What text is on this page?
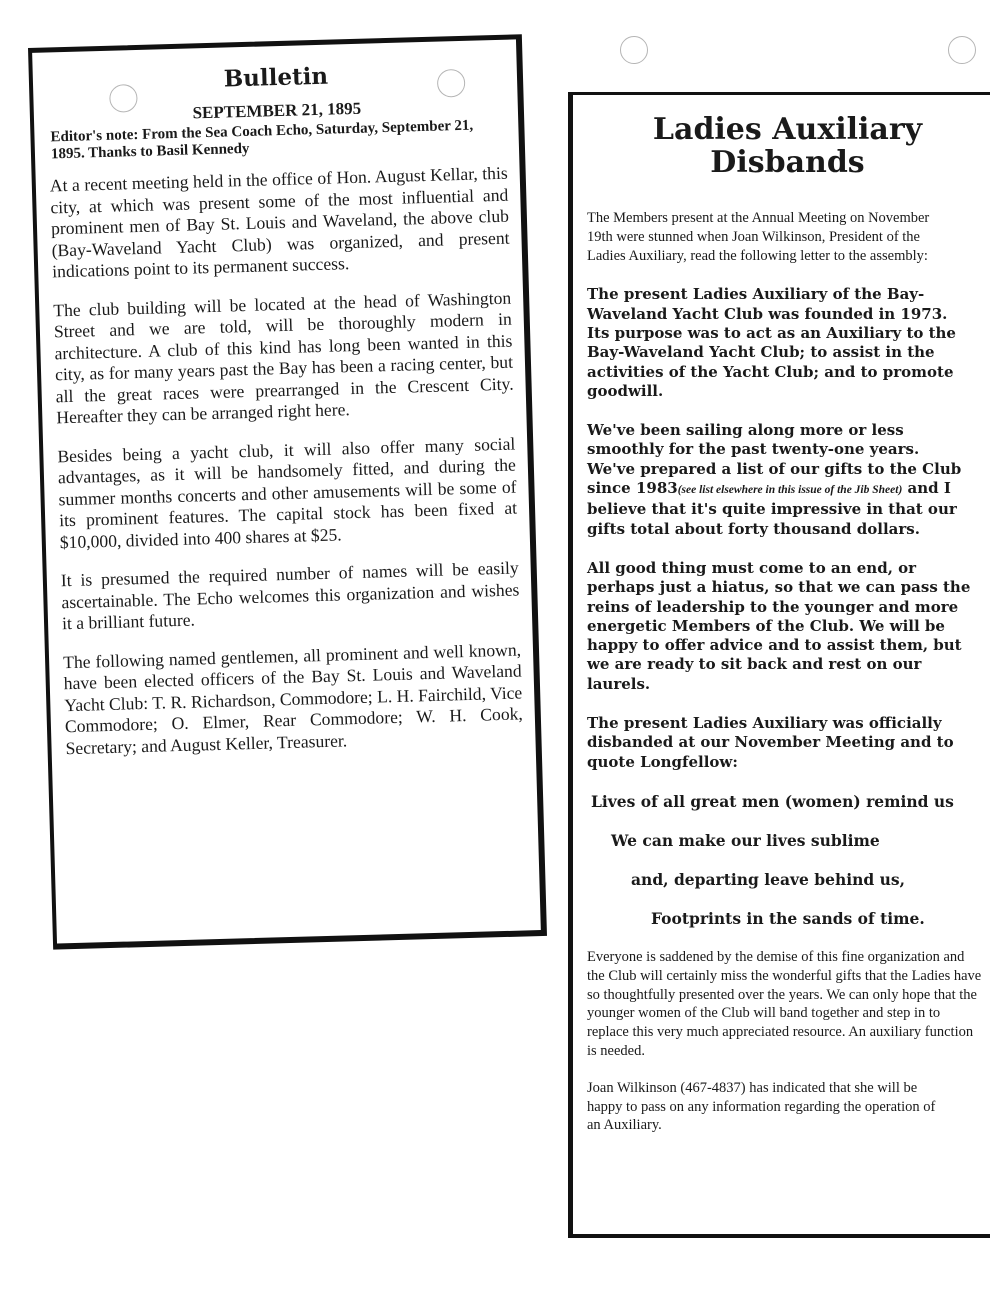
Bulletin
SEPTEMBER 21, 1895
Editor's note: From the Sea Coach Echo, Saturday, September 21, 1895. Thanks to Basil Kennedy

At a recent meeting held in the office of Hon. August Kellar, this city, at which was present some of the most influential and prominent men of Bay St. Louis and Waveland, the above club (Bay-Waveland Yacht Club) was organized, and present indications point to its permanent success.

The club building will be located at the head of Washington Street and we are told, will be thoroughly modern in architecture. A club of this kind has long been wanted in this city, as for many years past the Bay has been a racing center, but all the great races were prearranged in the Crescent City. Hereafter they can be arranged right here.

Besides being a yacht club, it will also offer many social advantages, as it will be handsomely fitted, and during the summer months concerts and other amusements will be some of its prominent features. The capital stock has been fixed at $10,000, divided into 400 shares at $25.

It is presumed the required number of names will be easily ascertainable. The Echo welcomes this organization and wishes it a brilliant future.

The following named gentlemen, all prominent and well known, have been elected officers of the Bay St. Louis and Waveland Yacht Club: T. R. Richardson, Commodore; L. H. Fairchild, Vice Commodore; O. Elmer, Rear Commodore; W. H. Cook, Secretary; and August Keller, Treasurer.

Ladies Auxiliary
Disbands

The Members present at the Annual Meeting on November 19th were stunned when Joan Wilkinson, President of the Ladies Auxiliary, read the following letter to the assembly:

The present Ladies Auxiliary of the Bay-Waveland Yacht Club was founded in 1973. Its purpose was to act as an Auxiliary to the Bay-Waveland Yacht Club; to assist in the activities of the Yacht Club; and to promote goodwill.

We've been sailing along more or less smoothly for the past twenty-one years. We've prepared a list of our gifts to the Club since 1983(see list elsewhere in this issue of the Jib Sheet) and I believe that it's quite impressive in that our gifts total about forty thousand dollars.

All good thing must come to an end, or perhaps just a hiatus, so that we can pass the reins of leadership to the younger and more energetic Members of the Club. We will be happy to offer advice and to assist them, but we are ready to sit back and rest on our laurels.

The present Ladies Auxiliary was officially disbanded at our November Meeting and to quote Longfellow:

Lives of all great men (women) remind us
We can make our lives sublime
and, departing leave behind us,
Footprints in the sands of time.

Everyone is saddened by the demise of this fine organization and the Club will certainly miss the wonderful gifts that the Ladies have so thoughtfully presented over the years. We can only hope that the younger women of the Club will band together and step in to replace this very much appreciated resource. An auxiliary function is needed.

Joan Wilkinson (467-4837) has indicated that she will be happy to pass on any information regarding the operation of an Auxiliary.
